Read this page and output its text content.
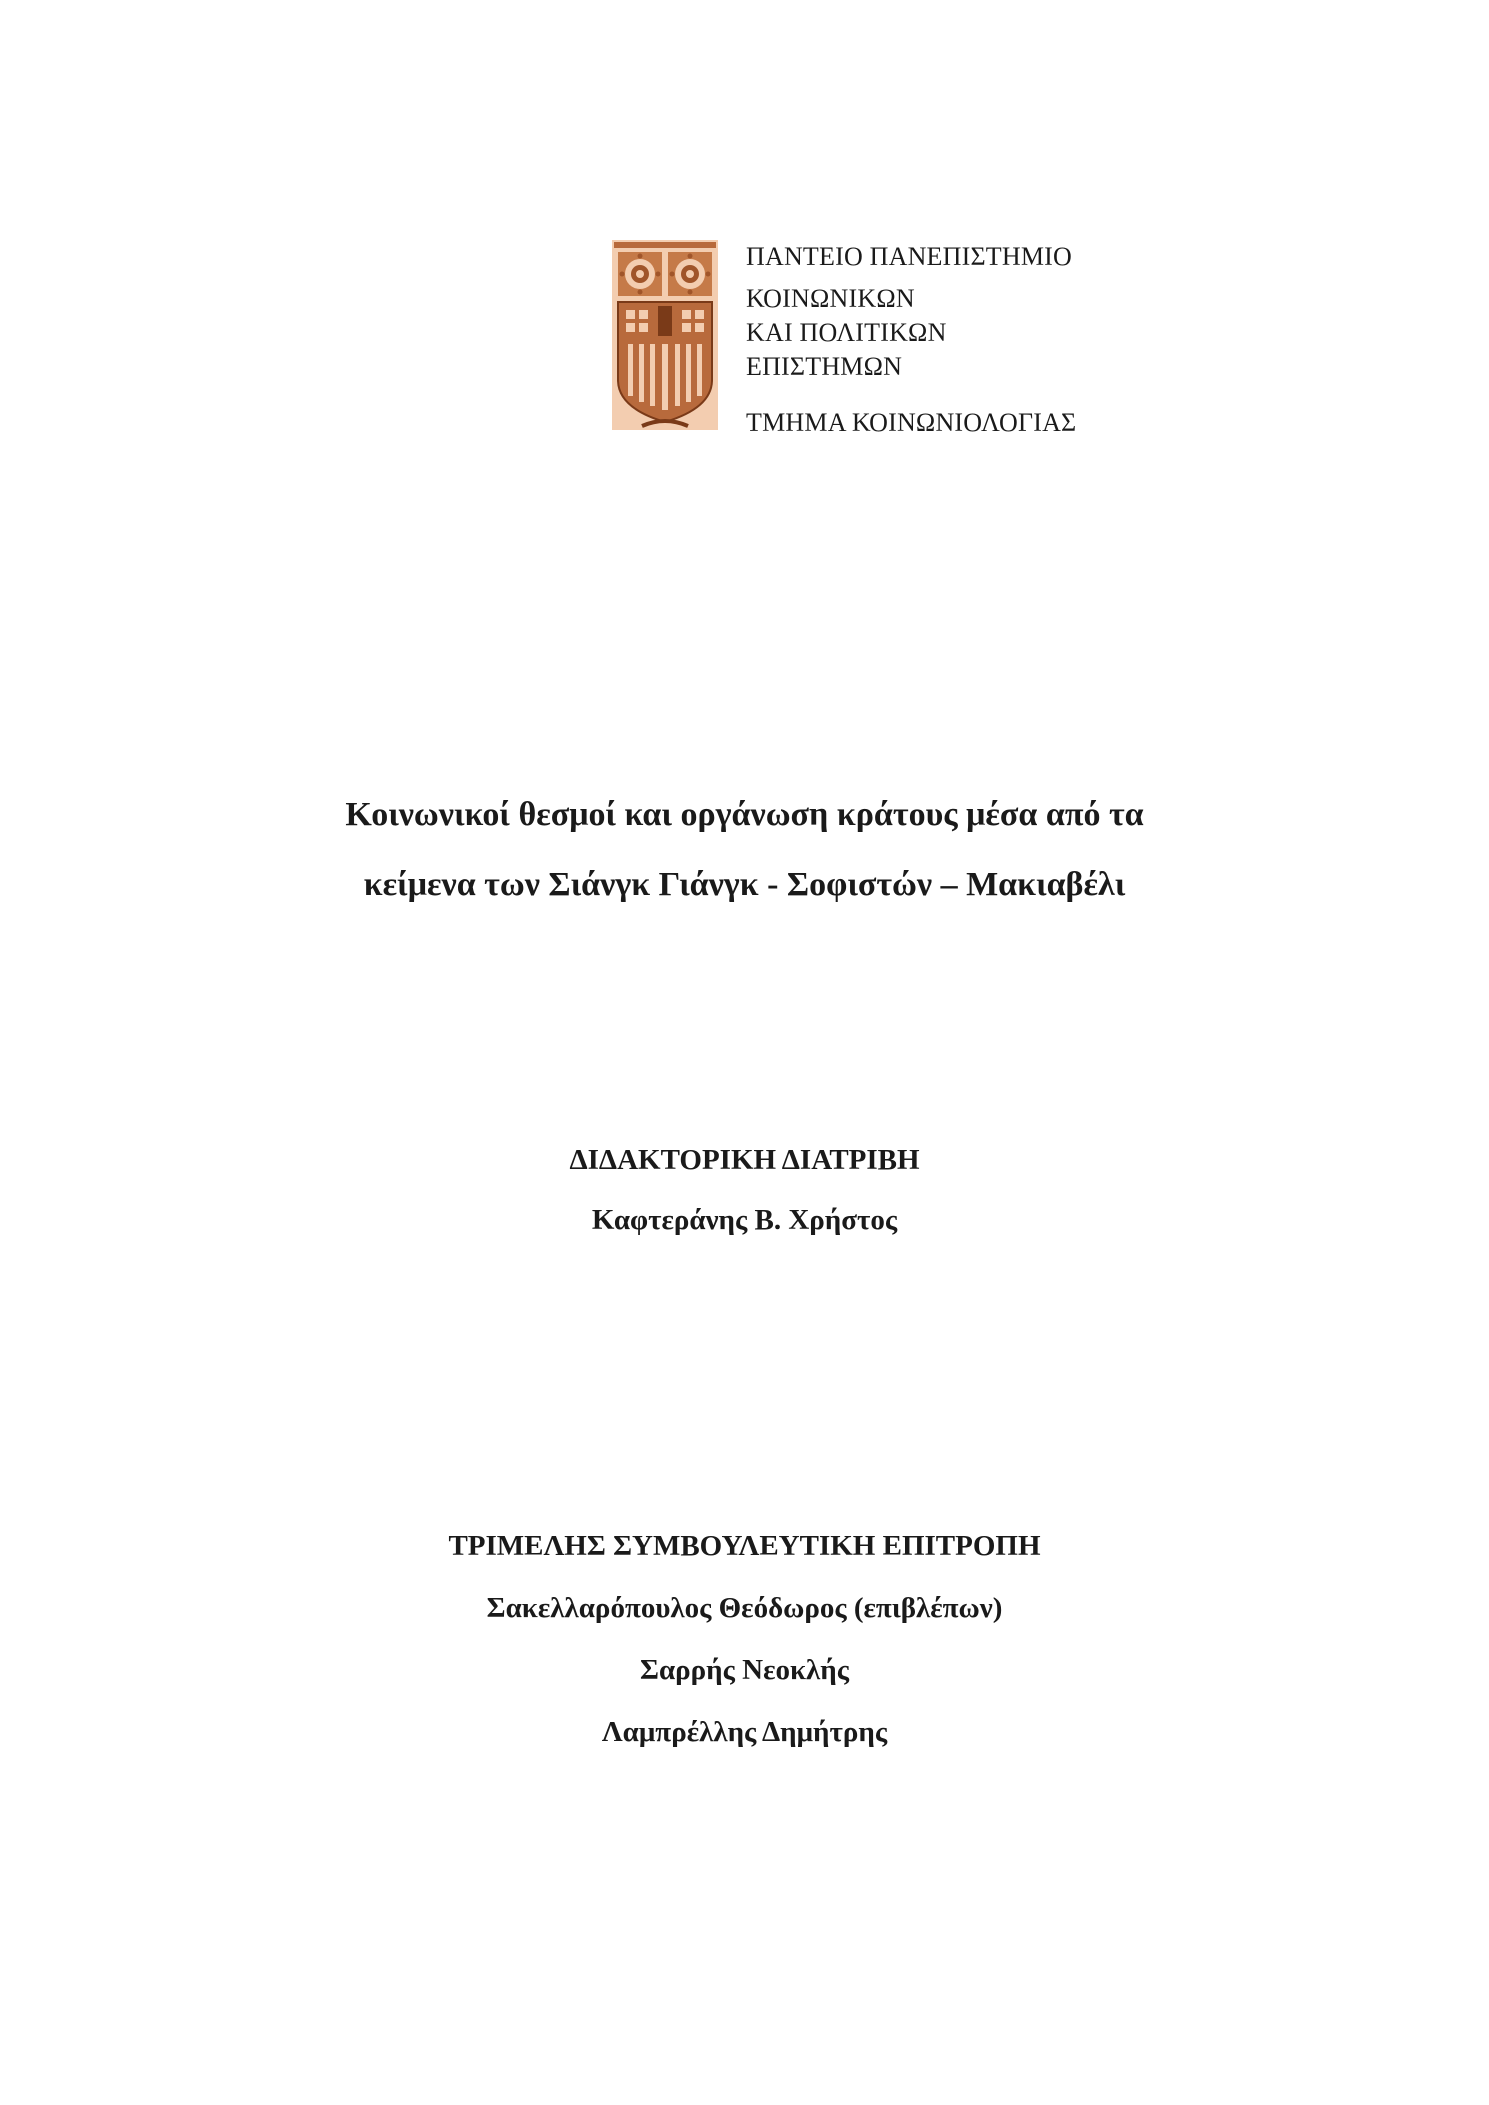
ΠΑΝΤΕΙΟ ΠΑΝΕΠΙΣΤΗΜΙΟ
ΚΟΙΝΩΝΙΚΩΝ
ΚΑΙ ΠΟΛΙΤΙΚΩΝ
ΕΠΙΣΤΗΜΩΝ
ΤΜΗΜΑ ΚΟΙΝΩΝΙΟΛΟΓΙΑΣ
Κοινωνικοί θεσμοί και οργάνωση κράτους μέσα από τα
κείμενα των Σιάνγκ Γιάνγκ - Σοφιστών – Μακιαβέλι
ΔΙΔΑΚΤΟΡΙΚΗ ΔΙΑΤΡΙΒΗ
Καφτεράνης Β. Χρήστος
ΤΡΙΜΕΛΗΣ ΣΥΜΒΟΥΛΕΥΤΙΚΗ ΕΠΙΤΡΟΠΗ
Σακελλαρόπουλος Θεόδωρος (επιβλέπων)
Σαρρής Νεοκλής
Λαμπρέλλης Δημήτρης
